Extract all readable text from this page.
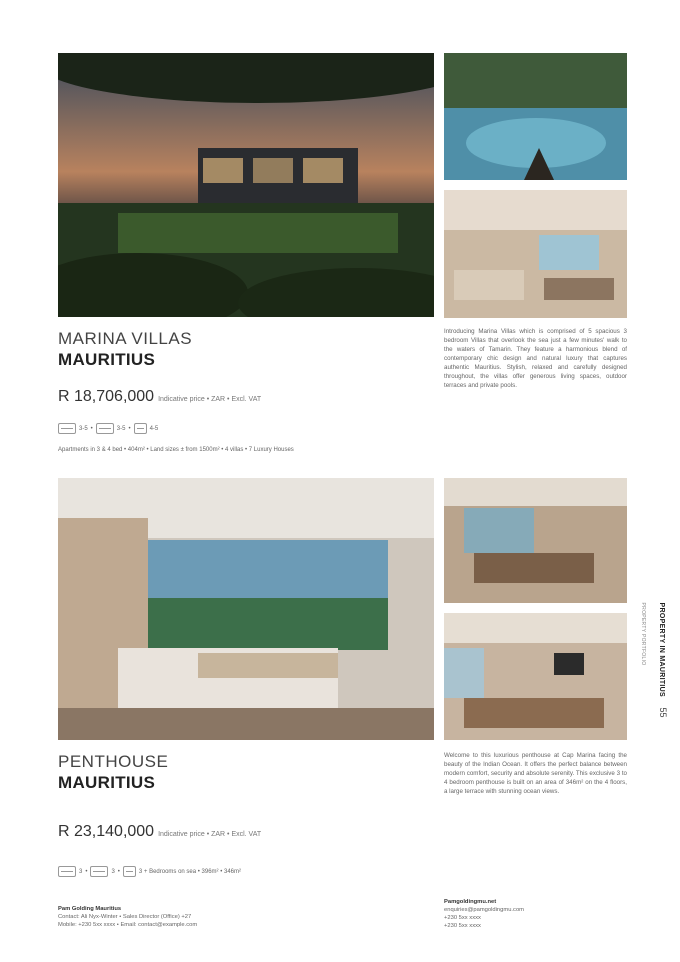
MARINA VILLAS
MAURITIUS
R 18,706,000 Indicative price • ZAR • Excl. VAT
3-5 •	3-5 •	4-5
Apartments in 3 & 4 bed • 404m² • Land sizes ± from 1500m² • 4 villas • 7 Luxury Houses
Introducing Marina Villas which is comprised of 5 spacious 3 bedroom Villas that overlook the sea just a few minutes' walk to the waters of Tamarin. They feature a harmonious blend of contemporary chic design and natural luxury that captures authentic Mauritius. Stylish, relaxed and carefully designed throughout, the villas offer generous living spaces, outdoor terraces and private pools.
PENTHOUSE
MAURITIUS
R 23,140,000 Indicative price • ZAR • Excl. VAT
3 •	3 •	3 + Bedrooms on sea • 396m² • 346m²
Welcome to this luxurious penthouse at Cap Marina facing the beauty of the Indian Ocean. It offers the perfect balance between modern comfort, security and absolute serenity. This exclusive 3 to 4 bedroom penthouse is built on an area of 346m² on the 4 floors, a large terrace with stunning ocean views.
PROPERTY IN MAURITIUS 55
PROPERTY PORTFOLIO
Pam Golding Mauritius
Contact: Ali Nyx-Winter • Sales Director (Office) +27
Mobile: +230 5xx xxxx • Email: contact@example.com
Pamgoldingmu.net
enquiries@pamgoldingmu.com
+230 5xx xxxx
+230 5xx xxxx
